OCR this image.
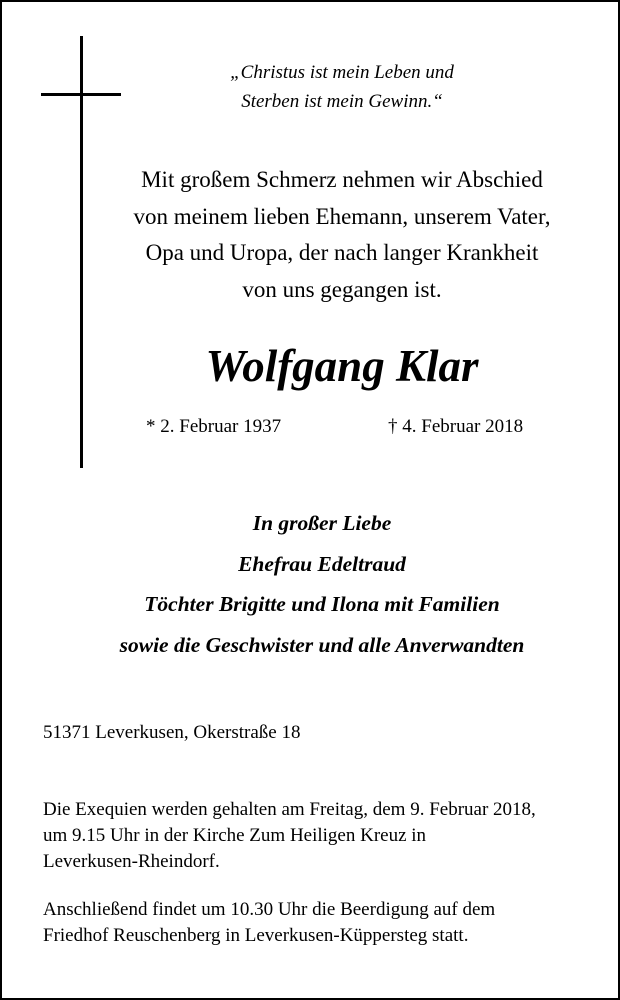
„Christus ist mein Leben und
Sterben ist mein Gewinn.“
Mit großem Schmerz nehmen wir Abschied
von meinem lieben Ehemann, unserem Vater,
Opa und Uropa, der nach langer Krankheit
von uns gegangen ist.
Wolfgang Klar
* 2. Februar 1937	† 4. Februar 2018
In großer Liebe
Ehefrau Edeltraud
Töchter Brigitte und Ilona mit Familien
sowie die Geschwister und alle Anverwandten
51371 Leverkusen, Okerstraße 18
Die Exequien werden gehalten am Freitag, dem 9. Februar 2018,
um 9.15 Uhr in der Kirche Zum Heiligen Kreuz in
Leverkusen-Rheindorf.
Anschließend findet um 10.30 Uhr die Beerdigung auf dem
Friedhof Reuschenberg in Leverkusen-Küppersteg statt.
